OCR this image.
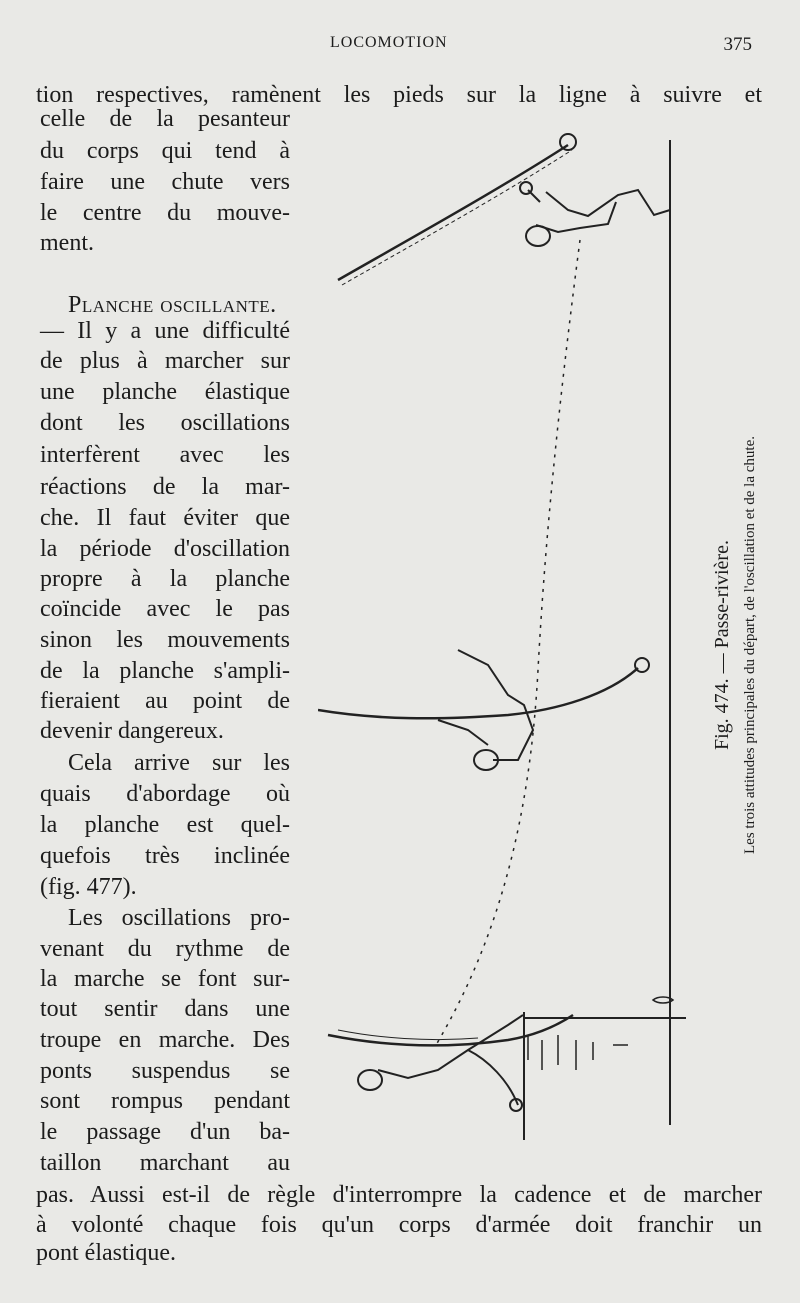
LOCOMOTION	375
tion respectives, ramènent les pieds sur la ligne à suivre et
celle de la pesanteur
du corps qui tend à
faire une chute vers
le centre du mouve-
ment.
Planche oscillante.
— Il y a une difficulté
de plus à marcher sur
une planche élastique
dont les oscillations
interfèrent avec les
réactions de la mar-
che. Il faut éviter que
la période d'oscillation
propre à la planche
coïncide avec le pas
sinon les mouvements
de la planche s'ampli-
fieraient au point de
devenir dangereux.
Cela arrive sur les
quais d'abordage où
la planche est quel-
quefois très inclinée
(fig. 477).
Les oscillations pro-
venant du rythme de
la marche se font sur-
tout sentir dans une
troupe en marche. Des
ponts suspendus se
sont rompus pendant
le passage d'un ba-
taillon marchant au
pas. Aussi est-il de règle d'interrompre la cadence et de marcher
à volonté chaque fois qu'un corps d'armée doit franchir un
pont élastique.
Fig. 474. — Passe-rivière. Les trois attitudes principales du départ, de l'oscillation et de la chute.
